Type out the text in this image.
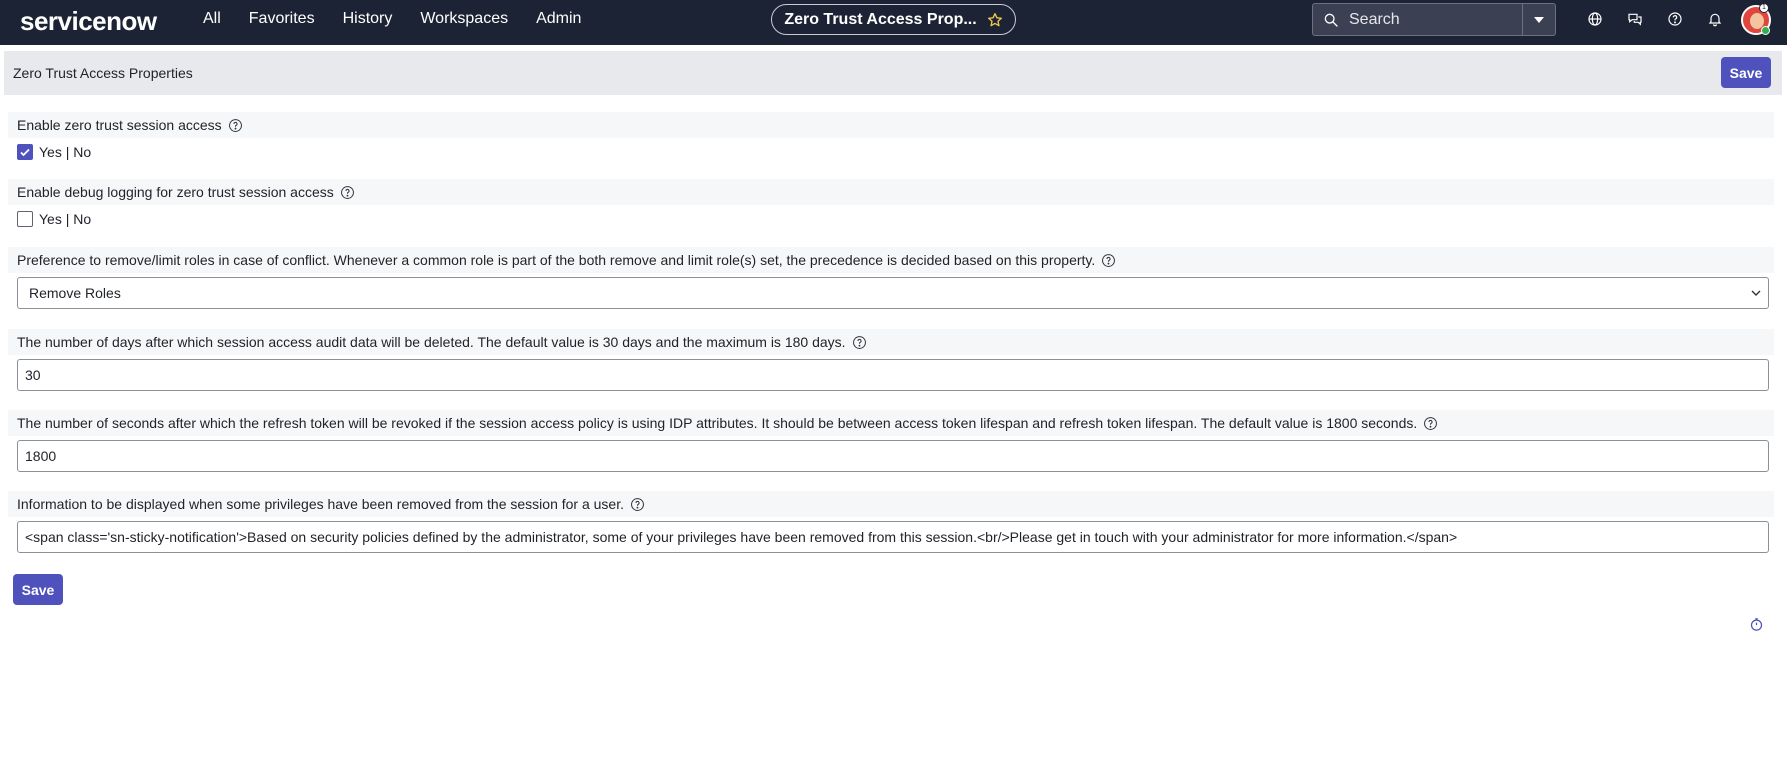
servicenow	All Favorites History Workspaces Admin	Zero Trust Access Prop...
Search
1
Zero Trust Access Properties	Save
Enable zero trust session access
Yes | No
Enable debug logging for zero trust session access
Yes | No
Preference to remove/limit roles in case of conflict. Whenever a common role is part of the both remove and limit role(s) set, the precedence is decided based on this property.
Remove Roles
The number of days after which session access audit data will be deleted. The default value is 30 days and the maximum is 180 days.
30
The number of seconds after which the refresh token will be revoked if the session access policy is using IDP attributes. It should be between access token lifespan and refresh token lifespan. The default value is 1800 seconds.
1800
Information to be displayed when some privileges have been removed from the session for a user.
<span class='sn-sticky-notification'>Based on security policies defined by the administrator, some of your privileges have been removed from this session.<br/>Please get in touch with your administrator for more information.</span>
Save
